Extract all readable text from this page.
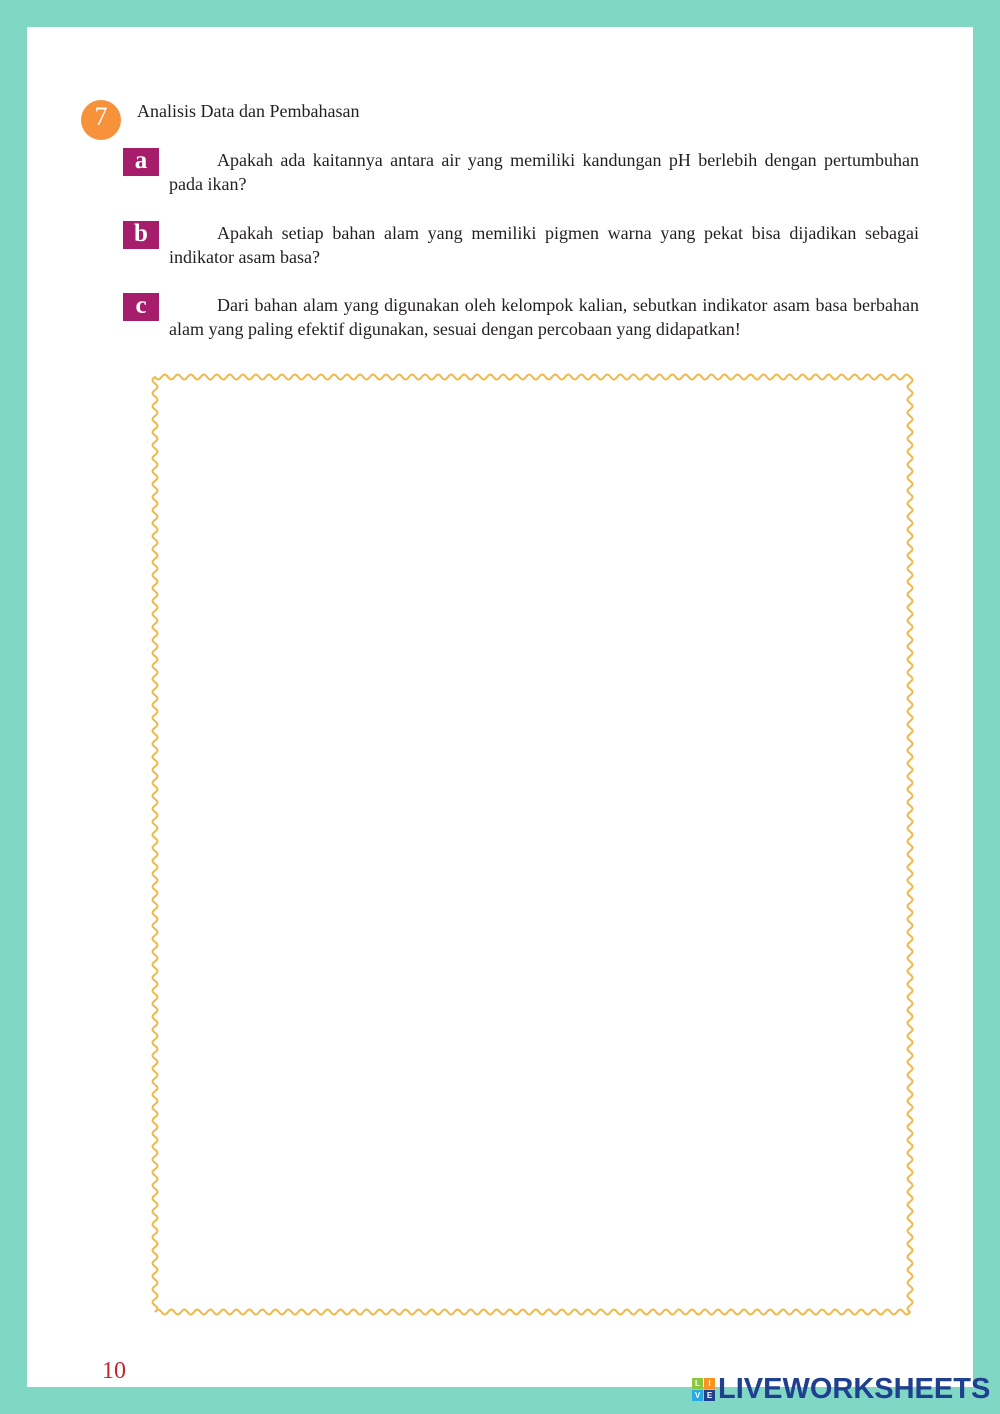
7	Analisis Data dan Pembahasan
a	Apakah ada kaitannya antara air yang memiliki kandungan pH berlebih dengan pertumbuhan pada ikan?

b	Apakah setiap bahan alam yang memiliki pigmen warna yang pekat bisa dijadikan sebagai indikator asam basa?

c	Dari bahan alam yang digunakan oleh kelompok kalian, sebutkan indikator asam basa berbahan alam yang paling efektif digunakan, sesuai dengan percobaan yang didapatkan!

10	L	I
V E LIVEWORKSHEETS
